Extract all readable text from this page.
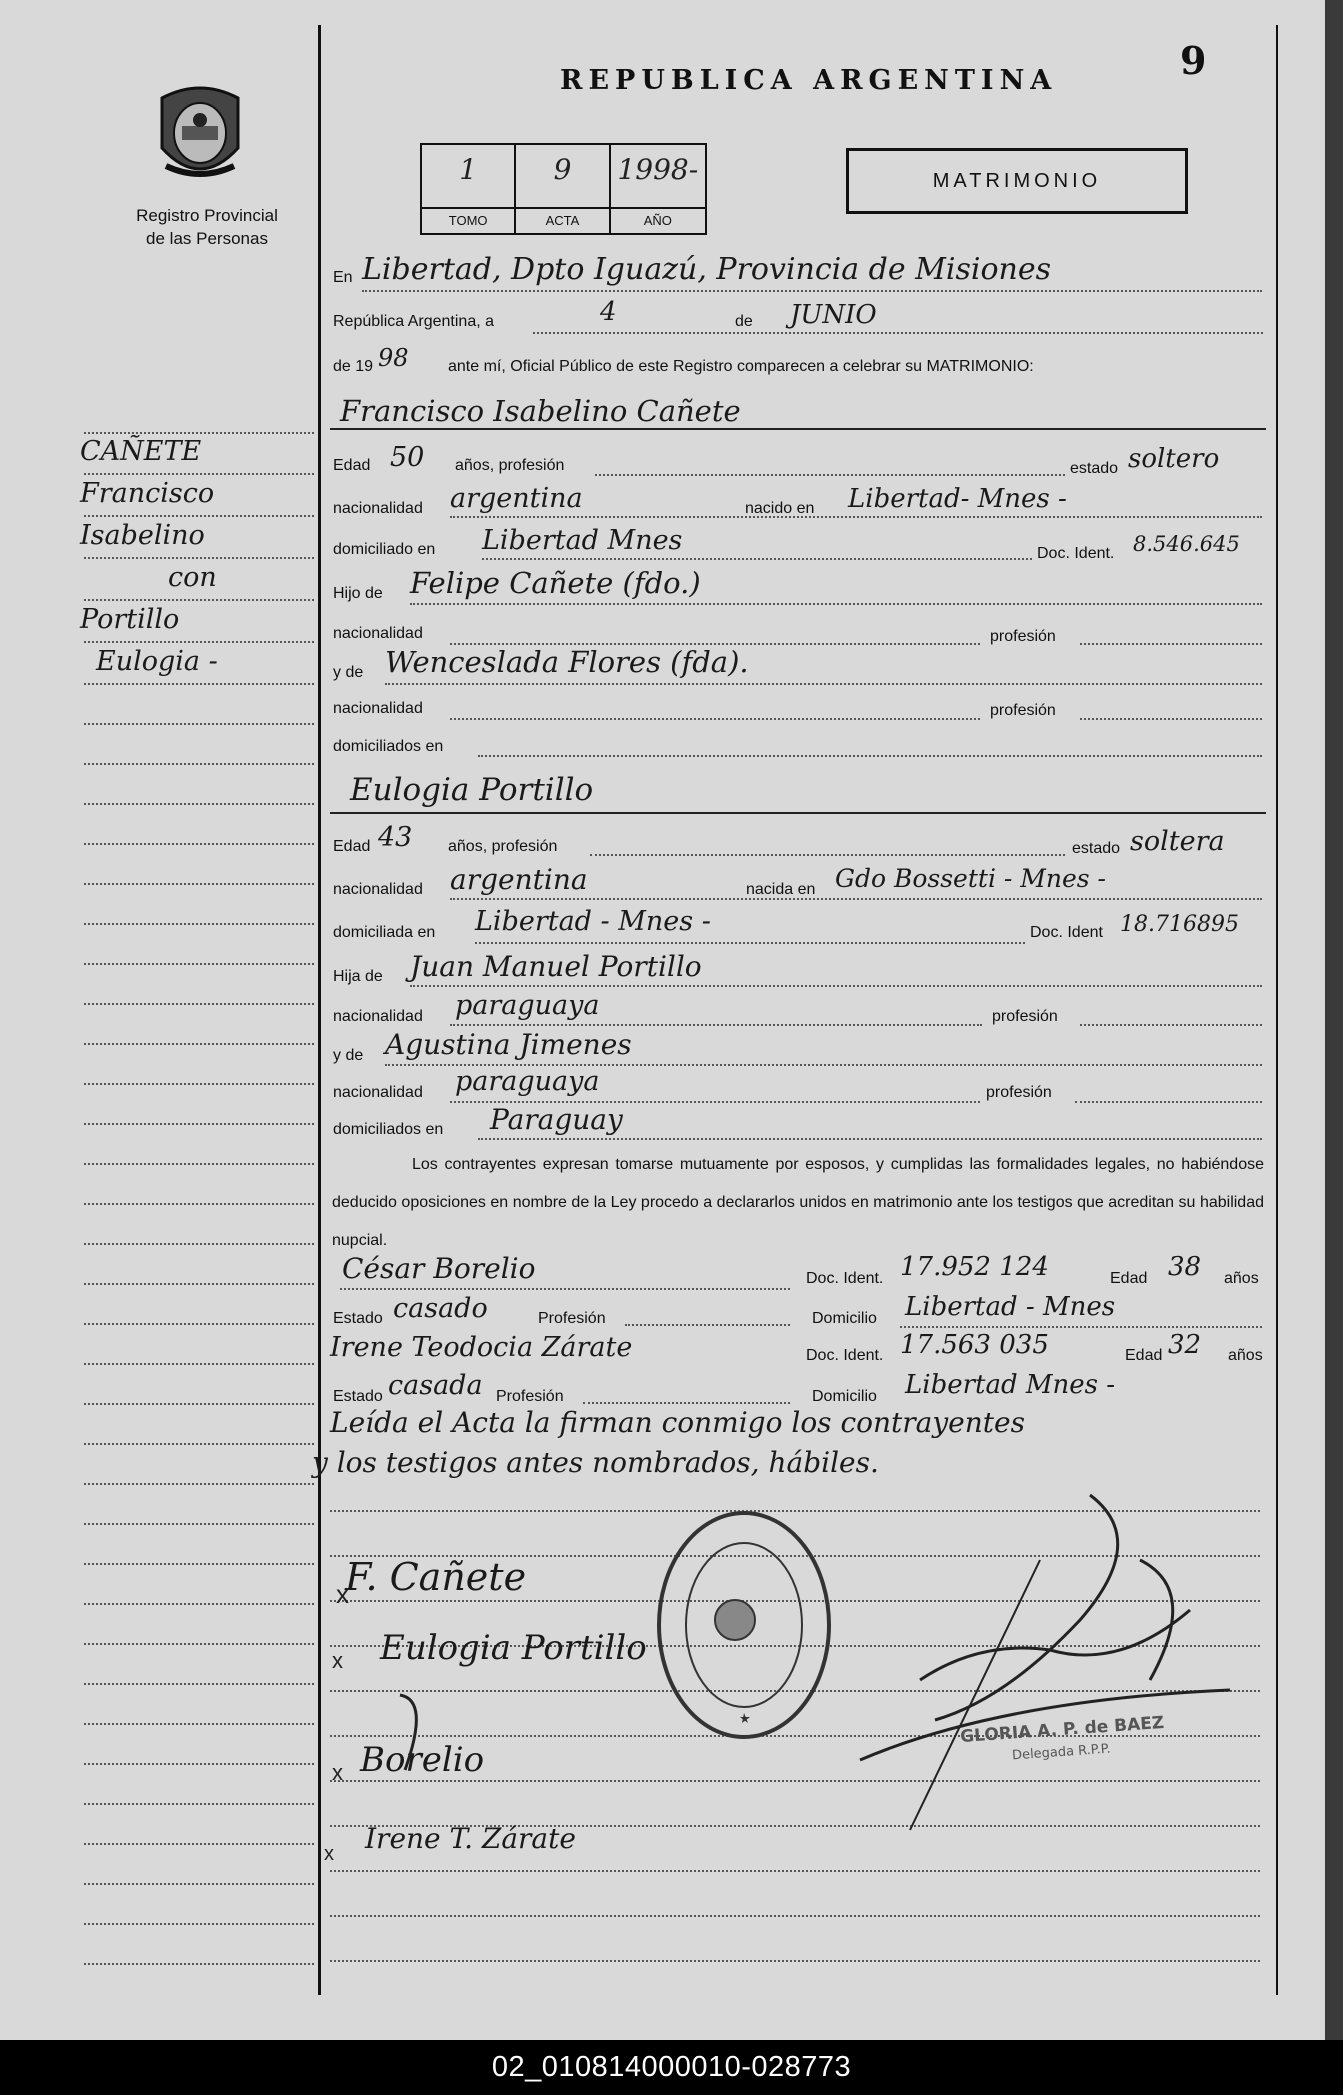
9
Registro Provincial
de las Personas
REPUBLICA ARGENTINA
1
TOMO
9
ACTA
1998-
AÑO
MATRIMONIO
En Libertad, Dpto Iguazú, Provincia de Misiones
República Argentina, a	4	de JUNIO
de 19 98 ante mí, Oficial Público de este Registro comparecen a celebrar su MATRIMONIO:
Francisco Isabelino Cañete
Edad 50 años, profesión	estado soltero
nacionalidad argentina	nacido en Libertad- Mnes -
domiciliado en Libertad Mnes	Doc. Ident. 8.546.645
Hijo de Felipe Cañete (fdo.)
nacionalidad	profesión
y de Wenceslada Flores (fda).
nacionalidad	profesión
domiciliados en
Eulogia Portillo
Edad 43 años, profesión	estado soltera
nacionalidad argentina	nacida en Gdo Bossetti - Mnes -
domiciliada en Libertad - Mnes -	Doc. Ident 18.716895
Hija de Juan Manuel Portillo
nacionalidad paraguaya	profesión
y de Agustina Jimenes
nacionalidad paraguaya	profesión
domiciliados en Paraguay
Los contrayentes expresan tomarse mutuamente por esposos, y cumplidas las formalidades legales, no habiéndose deducido oposiciones en nombre de la Ley procedo a declararlos unidos en matrimonio ante los testigos que acreditan su habilidad nupcial.
César Borelio	Doc. Ident. 17.952 124	Edad 38 años
Estado casado	Profesión	Domicilio Libertad - Mnes
Irene Teodocia Zárate	Doc. Ident. 17.563 035	Edad 32 años
Estado casada Profesión	Domicilio Libertad Mnes -
Leída el Acta la firman conmigo los contrayentes
y los testigos antes nombrados, hábiles.
F. Cañete
Eulogia Portillo
Borelio
Irene T. Zárate
x
x
x
x
GLORIA A. P. de BAEZ
Delegada R.P.P.
CAÑETE
Francisco
Isabelino
con
Portillo
Eulogia -
02_010814000010-028773
